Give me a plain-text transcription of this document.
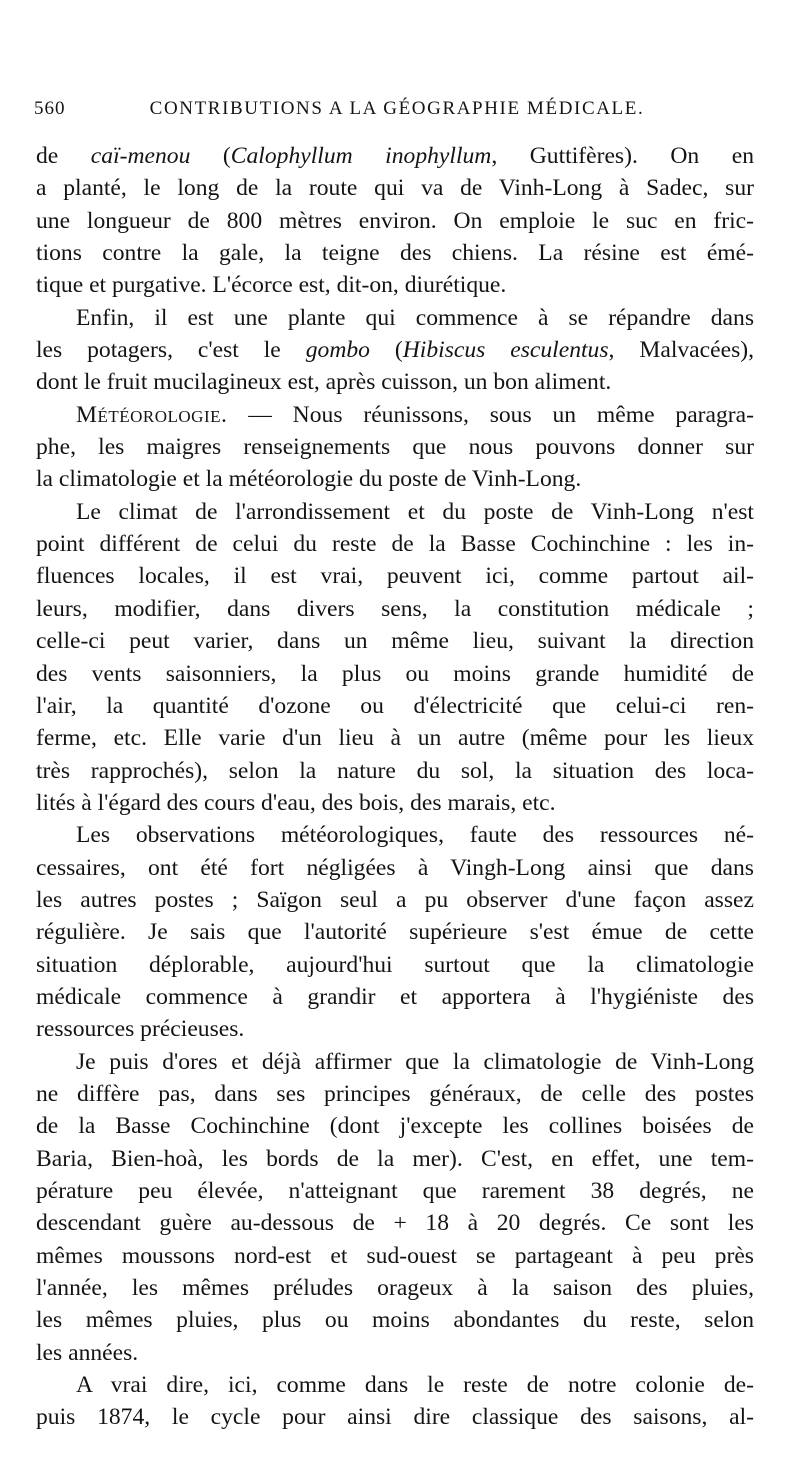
560	CONTRIBUTIONS A LA GÉOGRAPHIE MÉDICALE.
de caï-menou (Calophyllum inophyllum, Guttifères). On en
a planté, le long de la route qui va de Vinh-Long à Sadec, sur
une longueur de 800 mètres environ. On emploie le suc en fric-
tions contre la gale, la teigne des chiens. La résine est émé-
tique et purgative. L'écorce est, dit-on, diurétique.
Enfin, il est une plante qui commence à se répandre dans
les potagers, c'est le gombo (Hibiscus esculentus, Malvacées),
dont le fruit mucilagineux est, après cuisson, un bon aliment.
Météorologie. — Nous réunissons, sous un même paragra-
phe, les maigres renseignements que nous pouvons donner sur
la climatologie et la météorologie du poste de Vinh-Long.
Le climat de l'arrondissement et du poste de Vinh-Long n'est
point différent de celui du reste de la Basse Cochinchine : les in-
fluences locales, il est vrai, peuvent ici, comme partout ail-
leurs, modifier, dans divers sens, la constitution médicale ;
celle-ci peut varier, dans un même lieu, suivant la direction
des vents saisonniers, la plus ou moins grande humidité de
l'air, la quantité d'ozone ou d'électricité que celui-ci ren-
ferme, etc. Elle varie d'un lieu à un autre (même pour les lieux
très rapprochés), selon la nature du sol, la situation des loca-
lités à l'égard des cours d'eau, des bois, des marais, etc.
Les observations météorologiques, faute des ressources né-
cessaires, ont été fort négligées à Vingh-Long ainsi que dans
les autres postes ; Saïgon seul a pu observer d'une façon assez
régulière. Je sais que l'autorité supérieure s'est émue de cette
situation déplorable, aujourd'hui surtout que la climatologie
médicale commence à grandir et apportera à l'hygiéniste des
ressources précieuses.
Je puis d'ores et déjà affirmer que la climatologie de Vinh-Long
ne diffère pas, dans ses principes généraux, de celle des postes
de la Basse Cochinchine (dont j'excepte les collines boisées de
Baria, Bien-hoà, les bords de la mer). C'est, en effet, une tem-
pérature peu élevée, n'atteignant que rarement 38 degrés, ne
descendant guère au-dessous de + 18 à 20 degrés. Ce sont les
mêmes moussons nord-est et sud-ouest se partageant à peu près
l'année, les mêmes préludes orageux à la saison des pluies,
les mêmes pluies, plus ou moins abondantes du reste, selon
les années.
A vrai dire, ici, comme dans le reste de notre colonie de-
puis 1874, le cycle pour ainsi dire classique des saisons, al-
